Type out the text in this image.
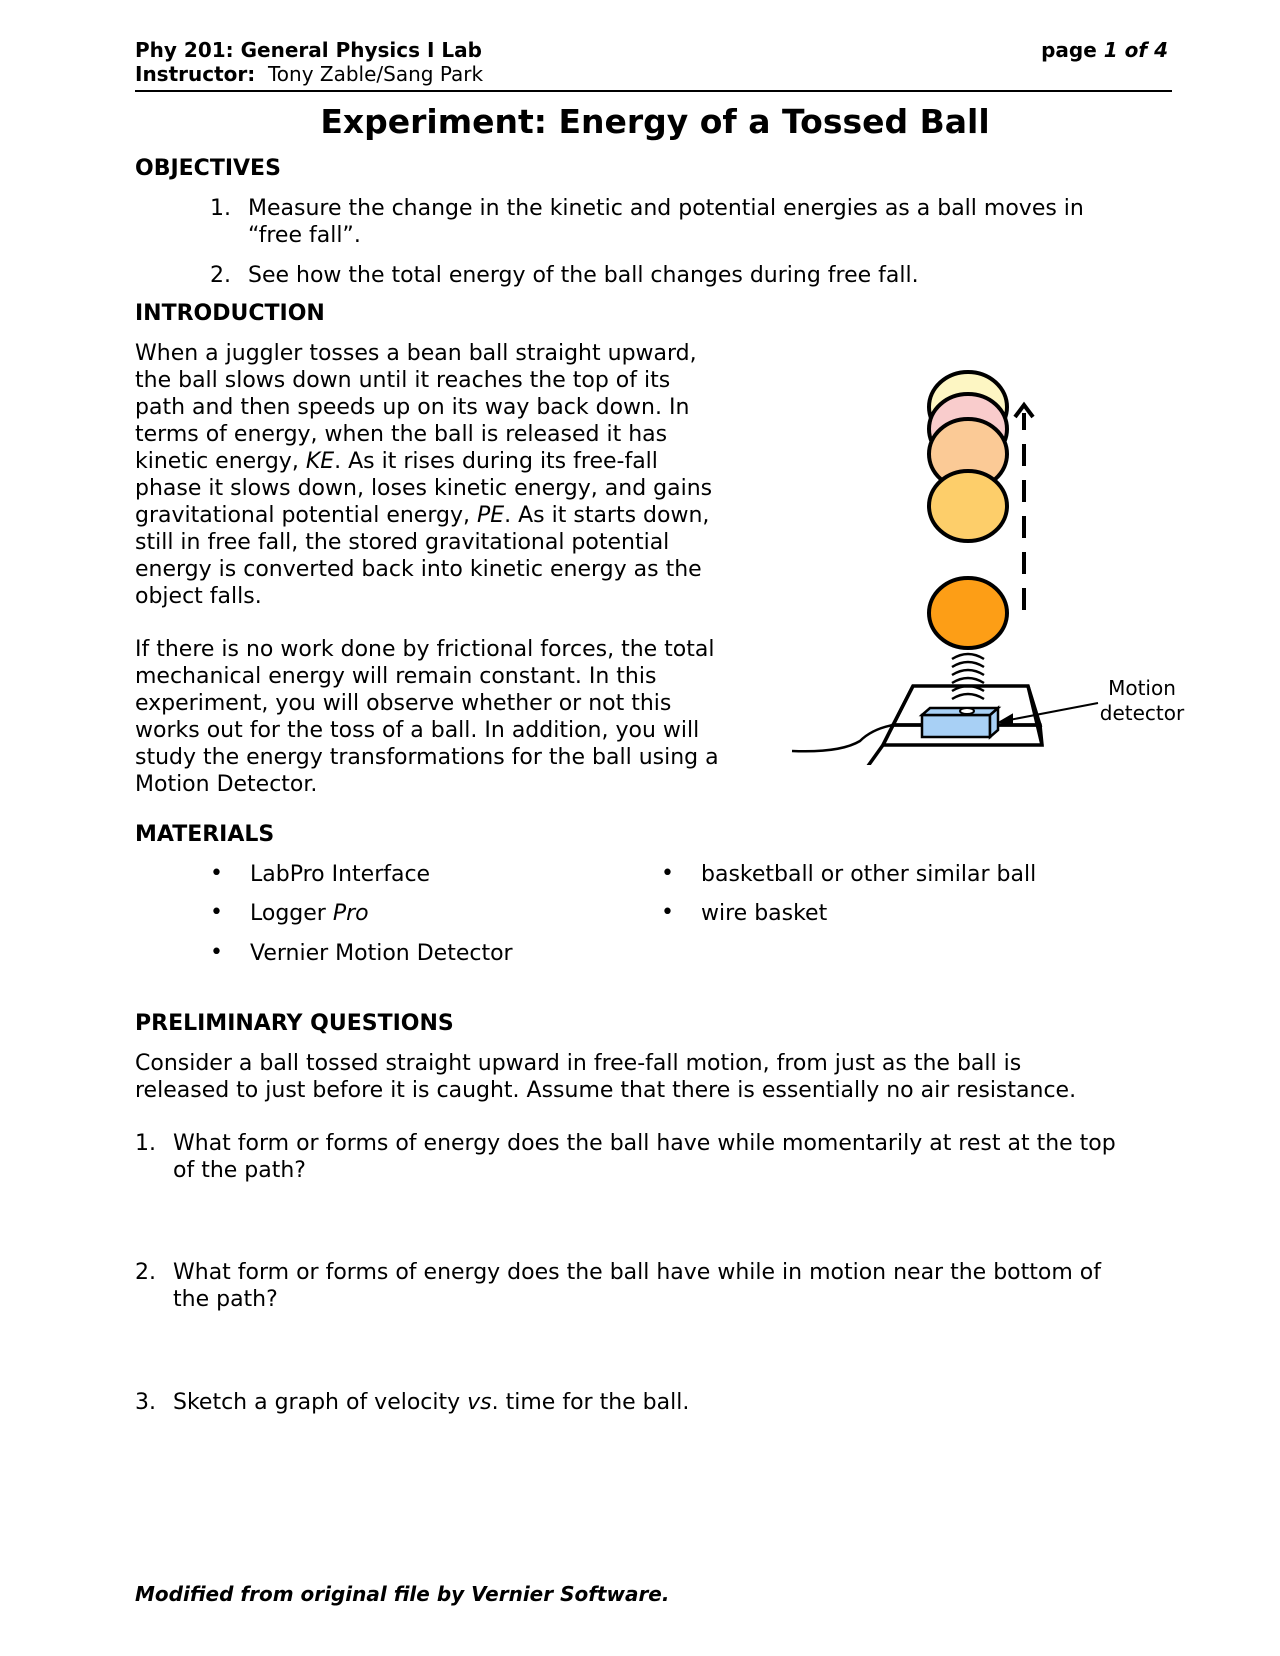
Phy 201: General Physics I Lab
Instructor: Tony Zable/Sang Park
page 1 of 4
Experiment: Energy of a Tossed Ball
OBJECTIVES
1. Measure the change in the kinetic and potential energies as a ball moves in
“free fall”.
2. See how the total energy of the ball changes during free fall.
INTRODUCTION
When a juggler tosses a bean ball straight upward,
the ball slows down until it reaches the top of its
path and then speeds up on its way back down. In
terms of energy, when the ball is released it has
kinetic energy, KE. As it rises during its free-fall
phase it slows down, loses kinetic energy, and gains
gravitational potential energy, PE. As it starts down,
still in free fall, the stored gravitational potential
energy is converted back into kinetic energy as the
object falls.
If there is no work done by frictional forces, the total
mechanical energy will remain constant. In this
experiment, you will observe whether or not this
works out for the toss of a ball. In addition, you will
study the energy transformations for the ball using a
Motion Detector.
Motion
detector
MATERIALS
• LabPro Interface
• Logger Pro
• Vernier Motion Detector
• basketball or other similar ball
• wire basket
PRELIMINARY QUESTIONS
Consider a ball tossed straight upward in free-fall motion, from just as the ball is
released to just before it is caught. Assume that there is essentially no air resistance.
1. What form or forms of energy does the ball have while momentarily at rest at the top
of the path?
2. What form or forms of energy does the ball have while in motion near the bottom of
the path?
3. Sketch a graph of velocity vs. time for the ball.
Modified from original file by Vernier Software.
